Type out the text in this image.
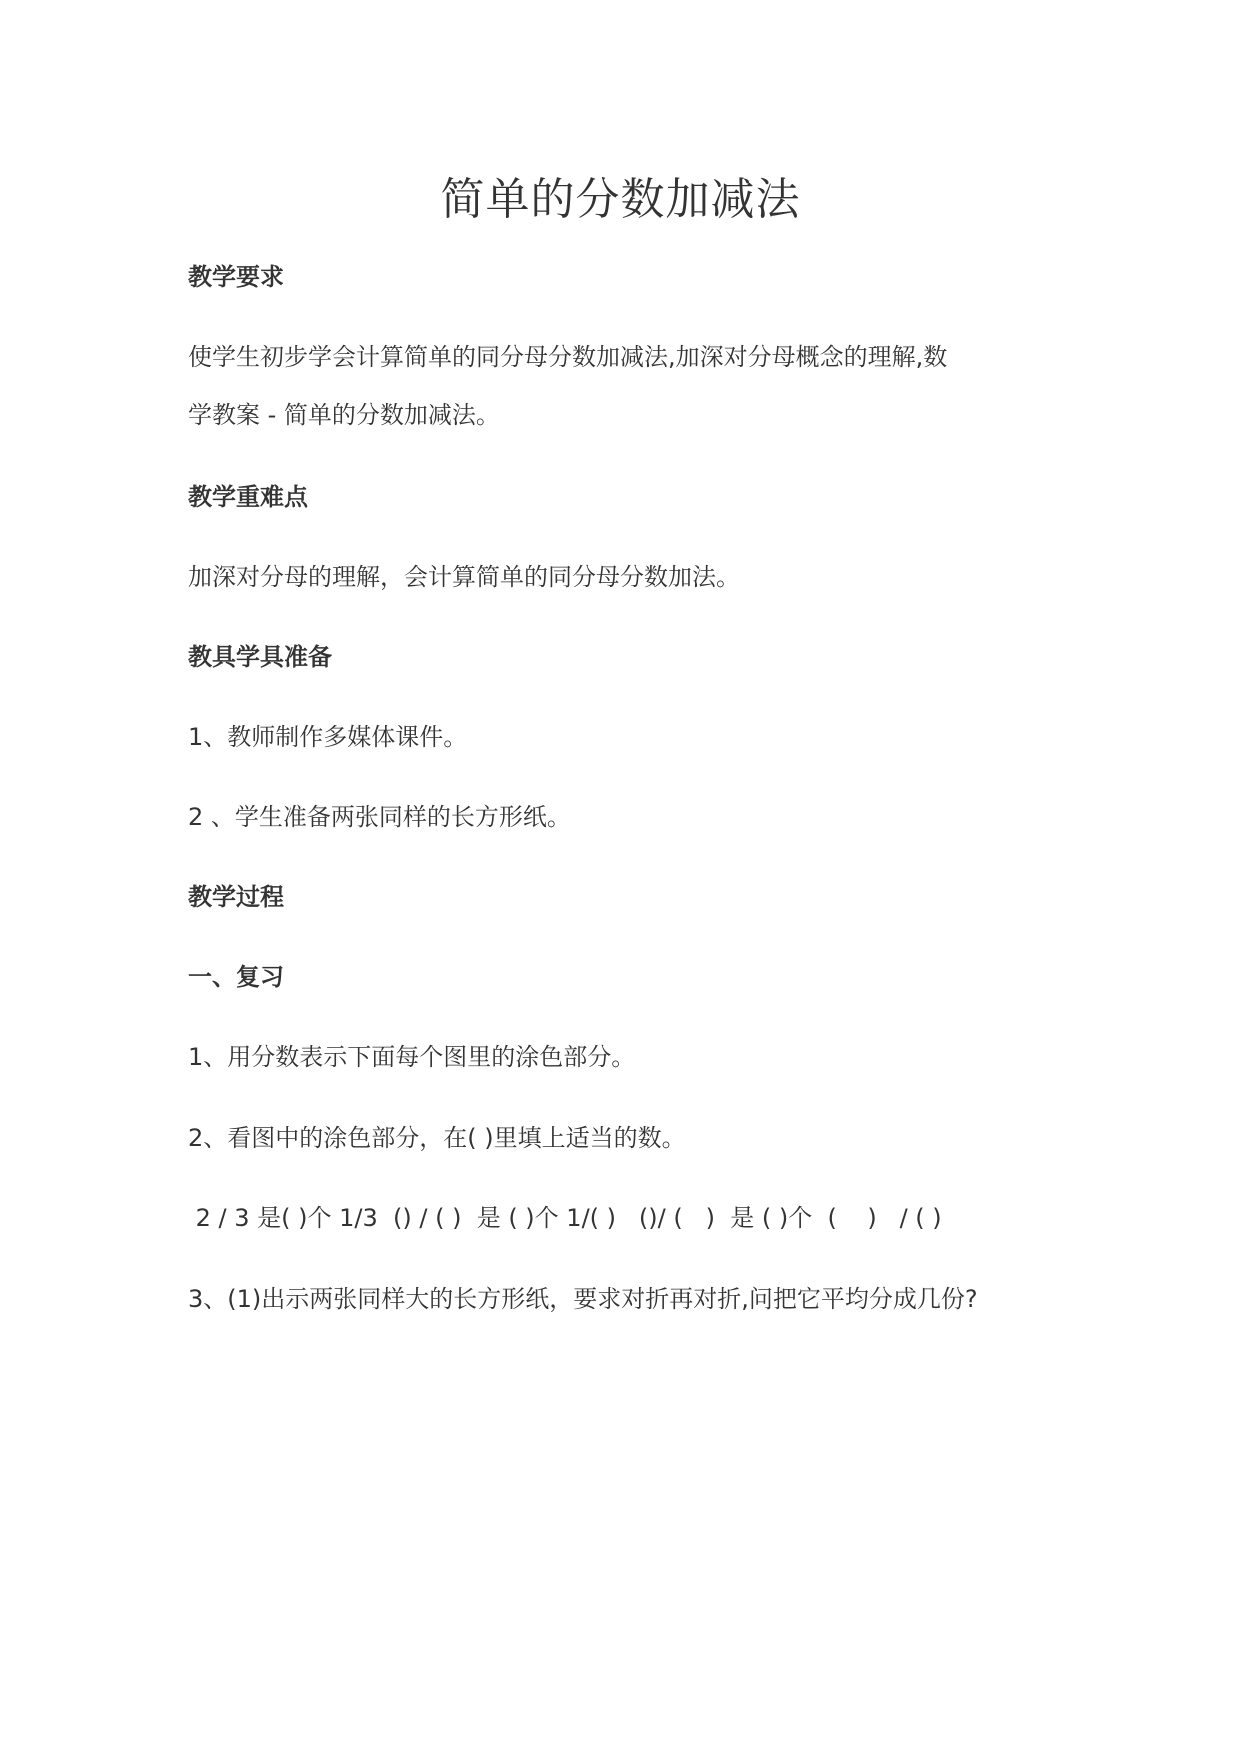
简单的分数加减法

教学要求

使学生初步学会计算简单的同分母分数加减法,加深对分母概念的理解,数

学教案 - 简单的分数加减法。

教学重难点

加深对分母的理解，会计算简单的同分母分数加法。

教具学具准备

1、教师制作多媒体课件。

2 、学生准备两张同样的长方形纸。

教学过程

一、复习

1、用分数表示下面每个图里的涂色部分。

2、看图中的涂色部分，在( )里填上适当的数。

2 / 3 是( )个 1/3  () / ( )  是 ( )个 1/( )   ()/ (   )  是 ( )个  (    )   / ( )

3、(1)出示两张同样大的长方形纸，要求对折再对折,问把它平均分成几份?
